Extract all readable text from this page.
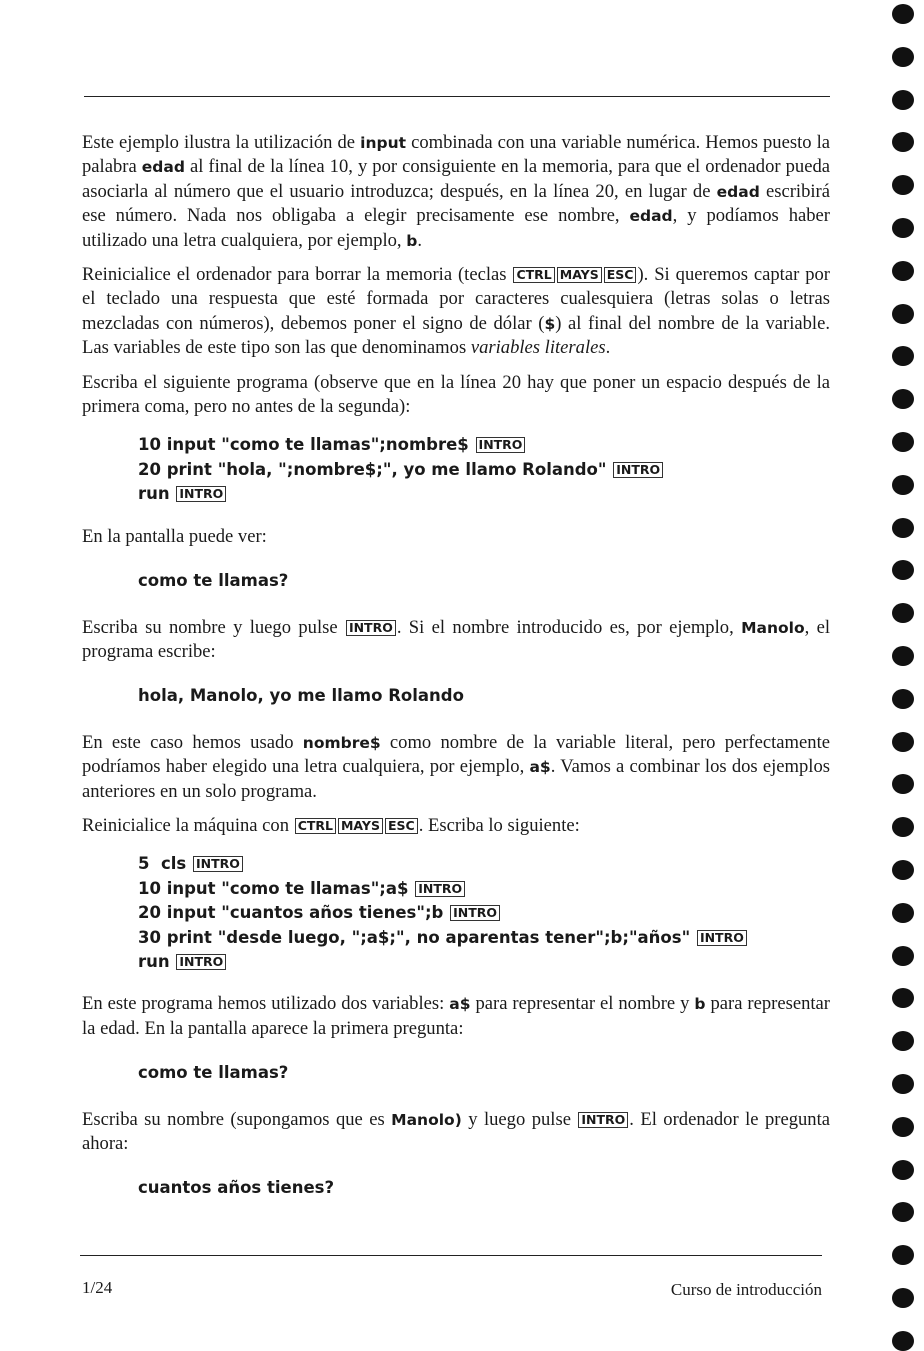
Este ejemplo ilustra la utilización de input combinada con una variable numérica. Hemos puesto la palabra edad al final de la línea 10, y por consiguiente en la memoria, para que el ordenador pueda asociarla al número que el usuario introduzca; después, en la línea 20, en lugar de edad escribirá ese número. Nada nos obligaba a elegir precisamente ese nombre, edad, y podíamos haber utilizado una letra cualquiera, por ejemplo, b.

Reinicialice el ordenador para borrar la memoria (teclas CTRL MAYS ESC ). Si queremos captar por el teclado una respuesta que esté formada por caracteres cualesquiera (letras solas o letras mezcladas con números), debemos poner el signo de dólar ($) al final del nombre de la variable. Las variables de este tipo son las que denominamos variables literales.

Escriba el siguiente programa (observe que en la línea 20 hay que poner un espacio después de la primera coma, pero no antes de la segunda):

10 input "como te llamas";nombre$ INTRO
20 print "hola, ";nombre$;", yo me llamo Rolando" INTRO
run INTRO

En la pantalla puede ver:

como te llamas?

Escriba su nombre y luego pulse INTRO . Si el nombre introducido es, por ejemplo, Manolo, el programa escribe:

hola, Manolo, yo me llamo Rolando

En este caso hemos usado nombre$ como nombre de la variable literal, pero perfectamente podríamos haber elegido una letra cualquiera, por ejemplo, a$. Vamos a combinar los dos ejemplos anteriores en un solo programa.

Reinicialice la máquina con CTRL MAYS ESC . Escriba lo siguiente:

5  cls INTRO
10 input "como te llamas";a$ INTRO
20 input "cuantos años tienes";b INTRO
30 print "desde luego, ";a$;", no aparentas tener";b;"años" INTRO
run INTRO

En este programa hemos utilizado dos variables: a$ para representar el nombre y b para representar la edad. En la pantalla aparece la primera pregunta:

como te llamas?

Escriba su nombre (supongamos que es Manolo) y luego pulse INTRO . El ordenador le pregunta ahora:

cuantos años tienes?
1/24	Curso de introducción
